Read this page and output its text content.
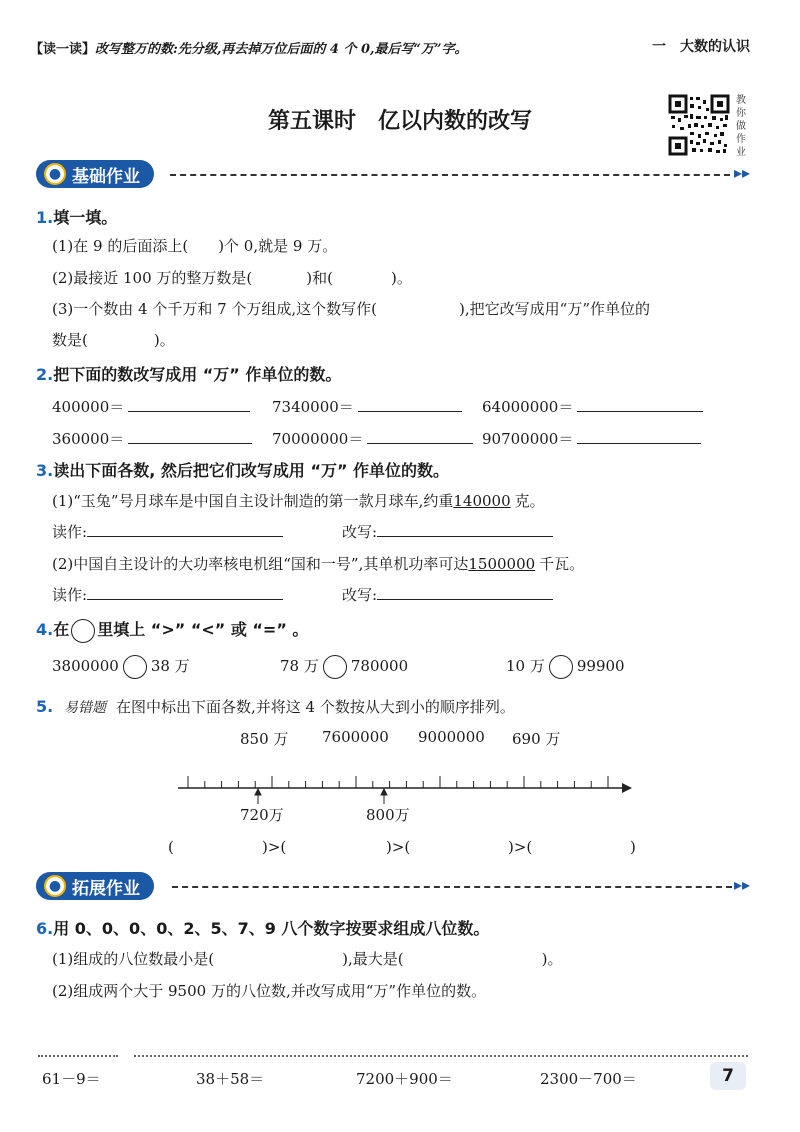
【读一读】改写整万的数:先分级,再去掉万位后面的 4 个 0,最后写“万”字。	一　大数的认识
第五课时　亿以内数的改写
教你做作业
● 基础作业	▸▸
1.填一填。
(1)在 9 的后面添上( )个 0,就是 9 万。
(2)最接近 100 万的整万数是(	)和(	)。
(3)一个数由 4 个千万和 7 个万组成,这个数写作(	),把它改写成用“万”作单位的
数是(	)。
2.把下面的数改写成用 “万” 作单位的数。
400000＝	7340000＝	64000000＝
360000＝	70000000＝	90700000＝
3.读出下面各数, 然后把它们改写成用 “万” 作单位的数。
(1)“玉兔”号月球车是中国自主设计制造的第一款月球车,约重140000 克。
读作:	改写:
(2)中国自主设计的大功率核电机组“国和一号”,其单机功率可达1500000 千瓦。
读作:	改写:
4.在 里填上 “>” “<” 或 “=” 。
3800000 38 万	78 万 780000	10 万 99900
5. 易错题 在图中标出下面各数,并将这 4 个数按从大到小的顺序排列。
850 万 7600000 9000000 690 万
720万	800万
(	)>(	)>(	)>(	)
● 拓展作业	▸▸
6.用 0、0、0、0、2、5、7、9 八个数字按要求组成八位数。
(1)组成的八位数最小是(	),最大是(	)。
(2)组成两个大于 9500 万的八位数,并改写成用“万”作单位的数。
61－9＝	38＋58＝	7200＋900＝	2300－700＝	7
